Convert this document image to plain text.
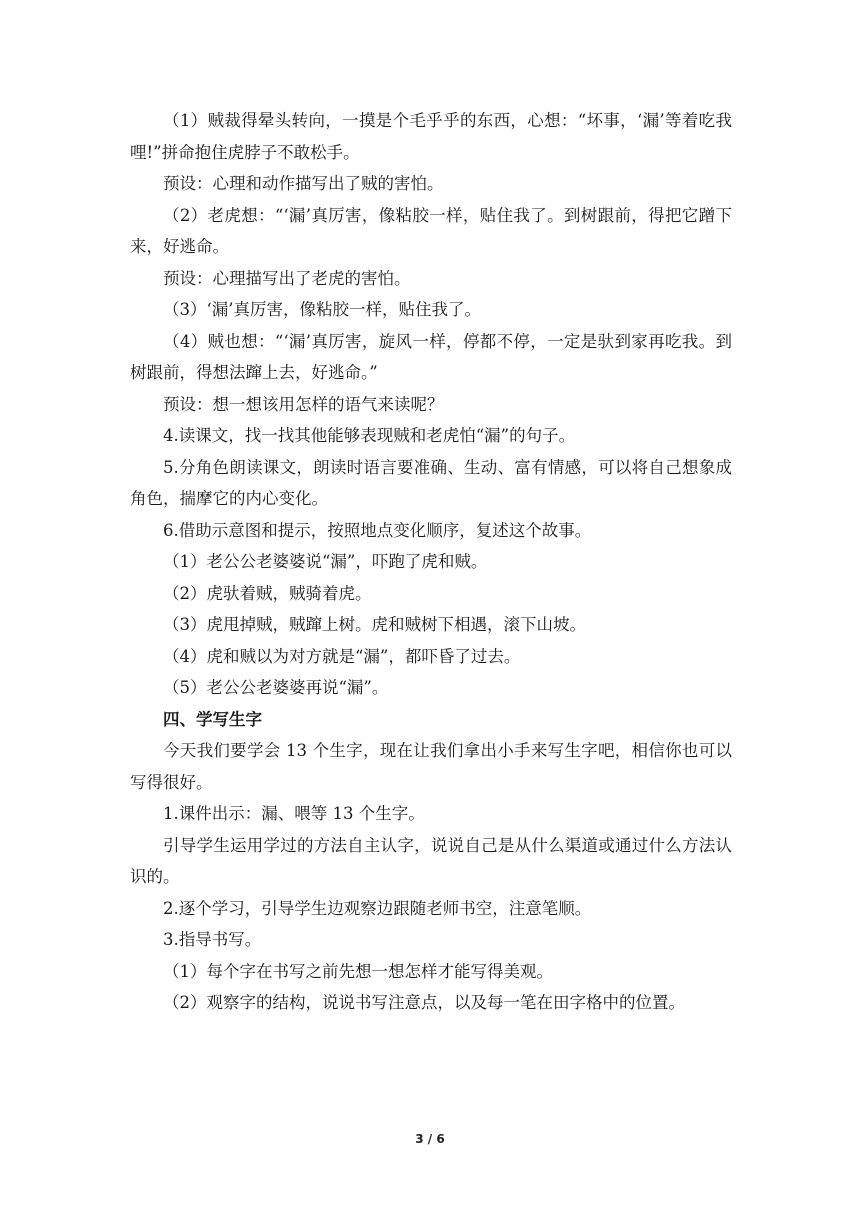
（1）贼裁得晕头转向，一摸是个毛乎乎的东西，心想：“坏事，‘漏’等着吃我哩!”拼命抱住虎脖子不敢松手。

预设：心理和动作描写出了贼的害怕。

（2）老虎想：“‘漏’真厉害，像粘胶一样，贴住我了。到树跟前，得把它蹭下来，好逃命。

预设：心理描写出了老虎的害怕。

（3）‘漏’真厉害，像粘胶一样，贴住我了。

（4）贼也想：“‘漏’真厉害，旋风一样，停都不停，一定是驮到家再吃我。到树跟前，得想法蹿上去，好逃命。”

预设：想一想该用怎样的语气来读呢？

4.读课文，找一找其他能够表现贼和老虎怕“漏”的句子。

5.分角色朗读课文，朗读时语言要准确、生动、富有情感，可以将自己想象成角色，揣摩它的内心变化。

6.借助示意图和提示，按照地点变化顺序，复述这个故事。

（1）老公公老婆婆说“漏”，吓跑了虎和贼。

（2）虎驮着贼，贼骑着虎。

（3）虎甩掉贼，贼蹿上树。虎和贼树下相遇，滚下山坡。

（4）虎和贼以为对方就是“漏”，都吓昏了过去。

（5）老公公老婆婆再说“漏”。

四、学写生字

今天我们要学会 13 个生字，现在让我们拿出小手来写生字吧，相信你也可以写得很好。

1.课件出示：漏、喂等 13 个生字。

引导学生运用学过的方法自主认字，说说自己是从什么渠道或通过什么方法认识的。

2.逐个学习，引导学生边观察边跟随老师书空，注意笔顺。

3.指导书写。

（1）每个字在书写之前先想一想怎样才能写得美观。

（2）观察字的结构，说说书写注意点，以及每一笔在田字格中的位置。

3 / 6
